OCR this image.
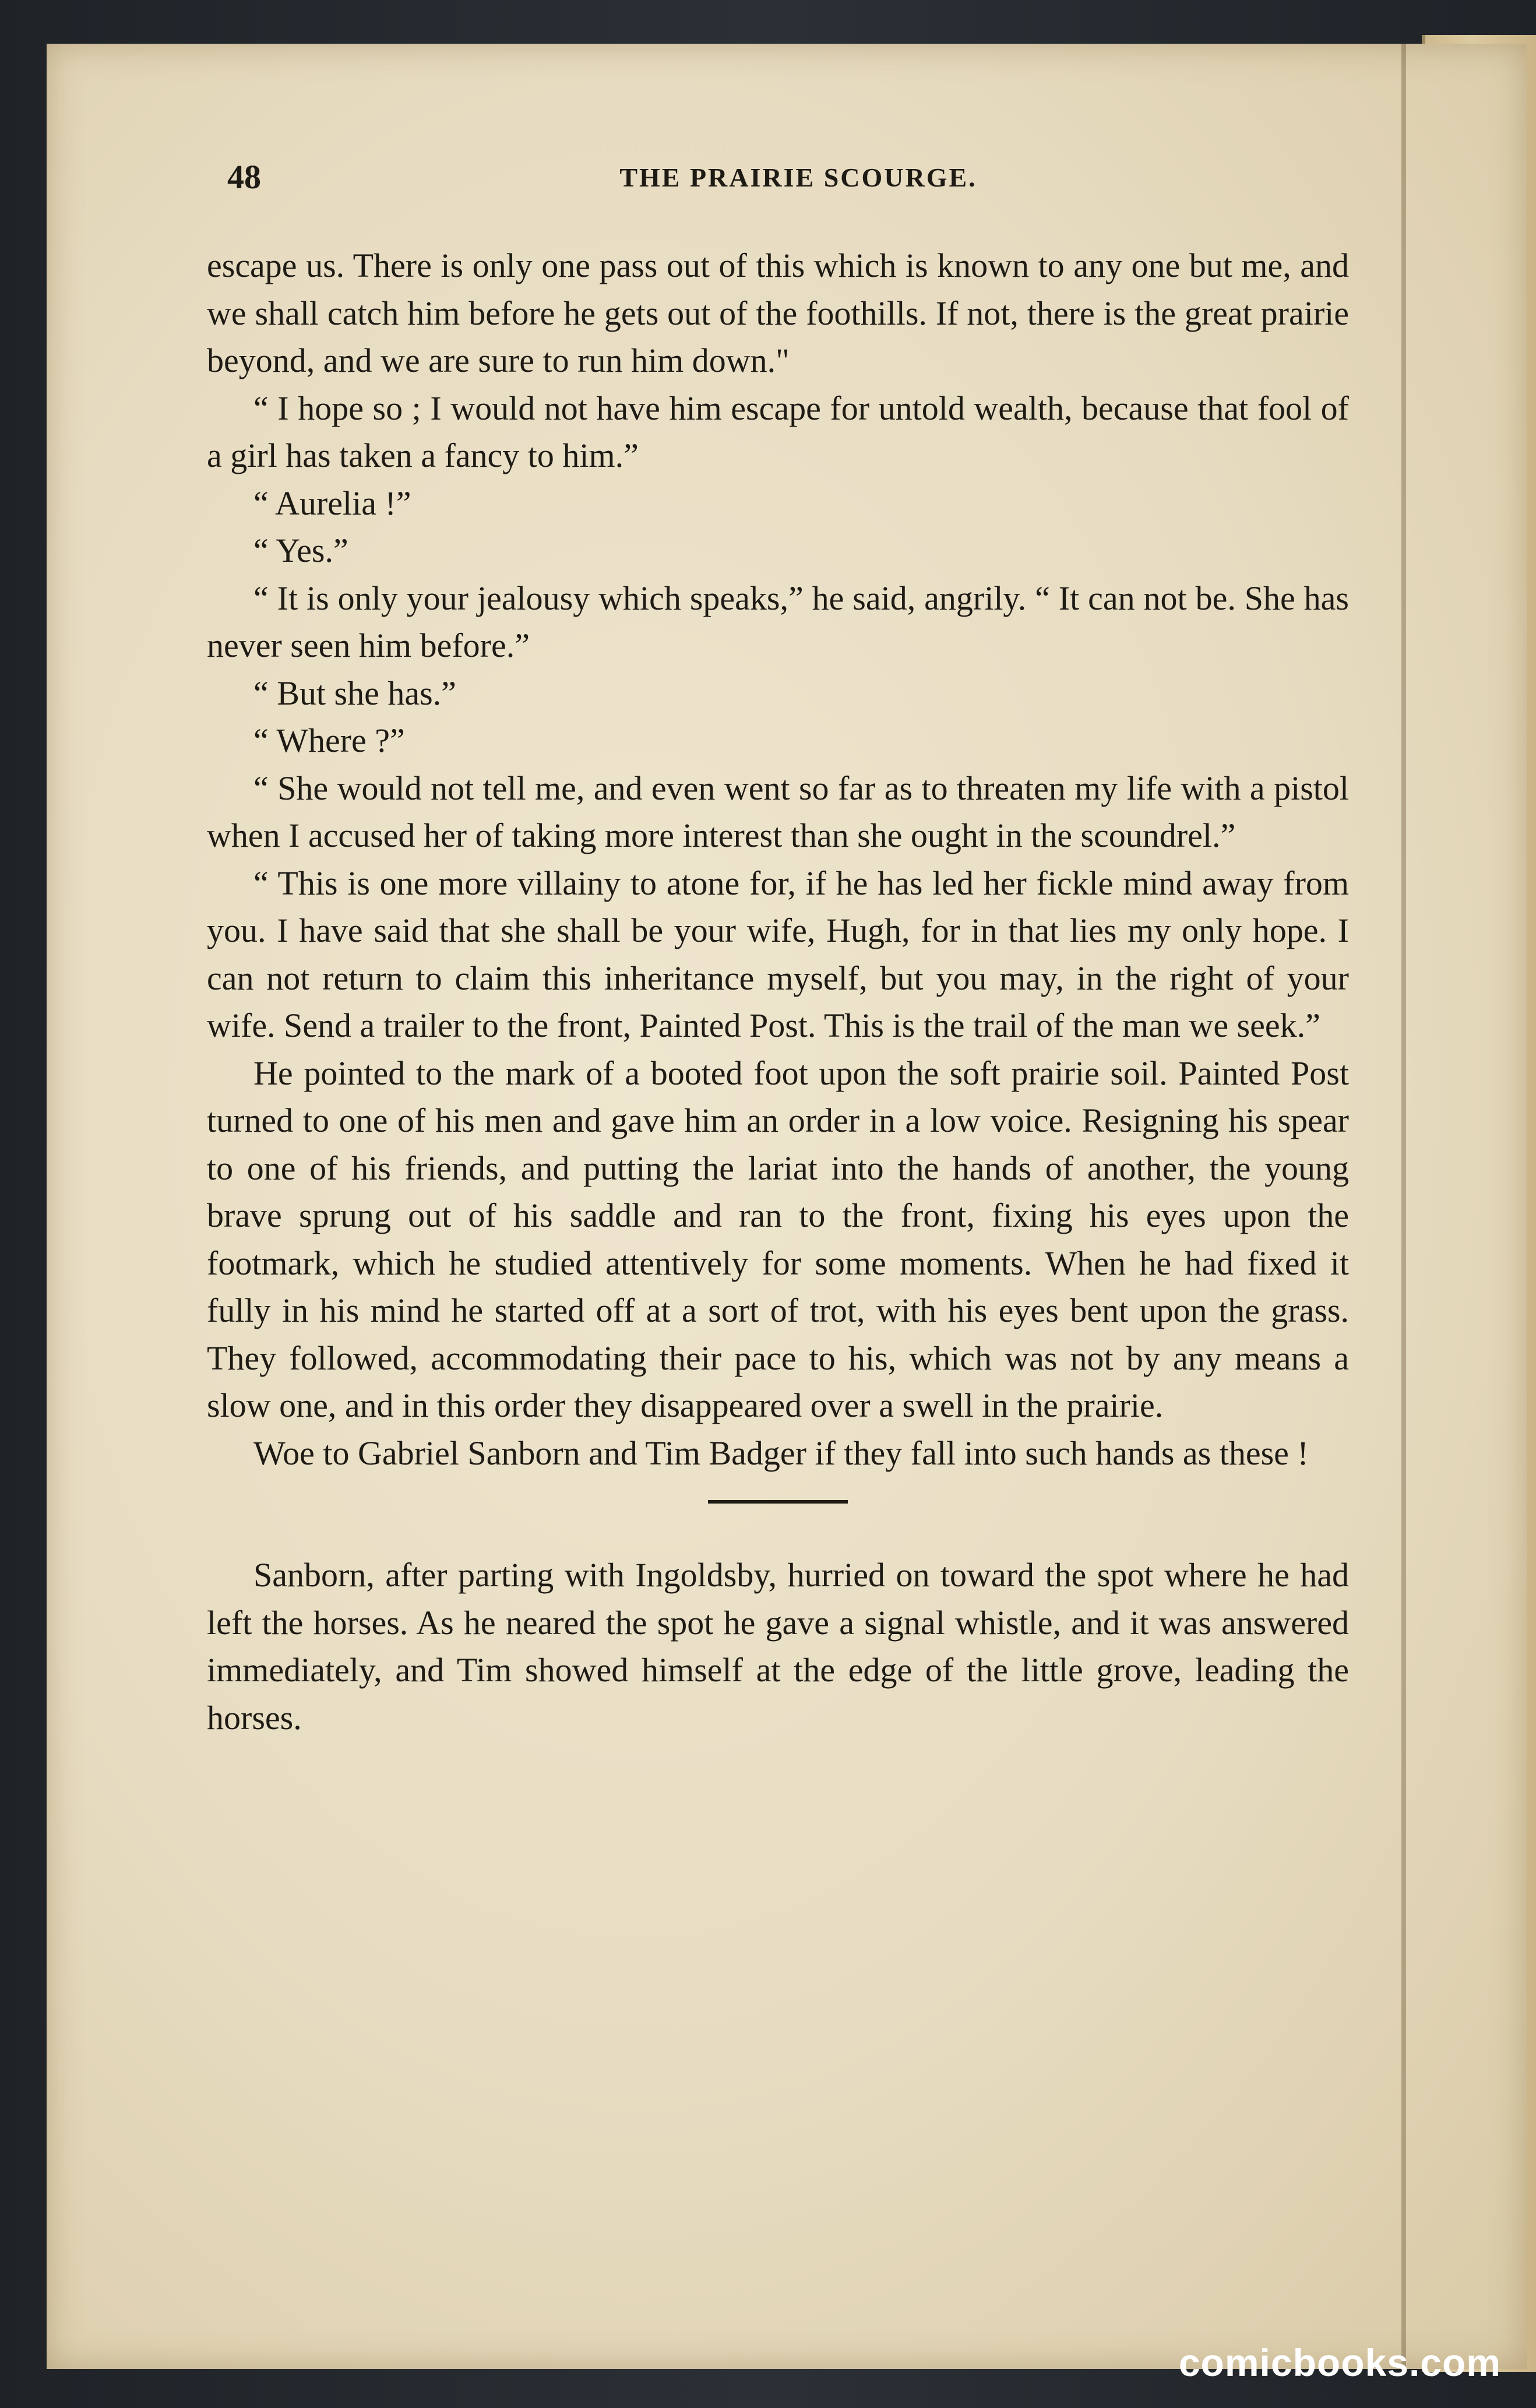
48	THE PRAIRIE SCOURGE.

escape us. There is only one pass out of this which is known to any one but me, and we shall catch him before he gets out of the foothills. If not, there is the great prairie beyond, and we are sure to run him down."

“ I hope so ; I would not have him escape for untold wealth, because that fool of a girl has taken a fancy to him.”

“ Aurelia !”

“ Yes.”

“ It is only your jealousy which speaks,” he said, angrily. “ It can not be. She has never seen him before.”

“ But she has.”

“ Where ?”

“ She would not tell me, and even went so far as to threaten my life with a pistol when I accused her of taking more interest than she ought in the scoundrel.”

“ This is one more villainy to atone for, if he has led her fickle mind away from you. I have said that she shall be your wife, Hugh, for in that lies my only hope. I can not return to claim this inheritance myself, but you may, in the right of your wife. Send a trailer to the front, Painted Post. This is the trail of the man we seek.”

He pointed to the mark of a booted foot upon the soft prairie soil. Painted Post turned to one of his men and gave him an order in a low voice. Resigning his spear to one of his friends, and putting the lariat into the hands of another, the young brave sprung out of his saddle and ran to the front, fixing his eyes upon the footmark, which he studied attentively for some moments. When he had fixed it fully in his mind he started off at a sort of trot, with his eyes bent upon the grass. They followed, accommodating their pace to his, which was not by any means a slow one, and in this order they disappeared over a swell in the prairie.

Woe to Gabriel Sanborn and Tim Badger if they fall into such hands as these !

Sanborn, after parting with Ingoldsby, hurried on toward the spot where he had left the horses. As he neared the spot he gave a signal whistle, and it was answered immediately, and Tim showed himself at the edge of the little grove, leading the horses.

comicbooks.com
